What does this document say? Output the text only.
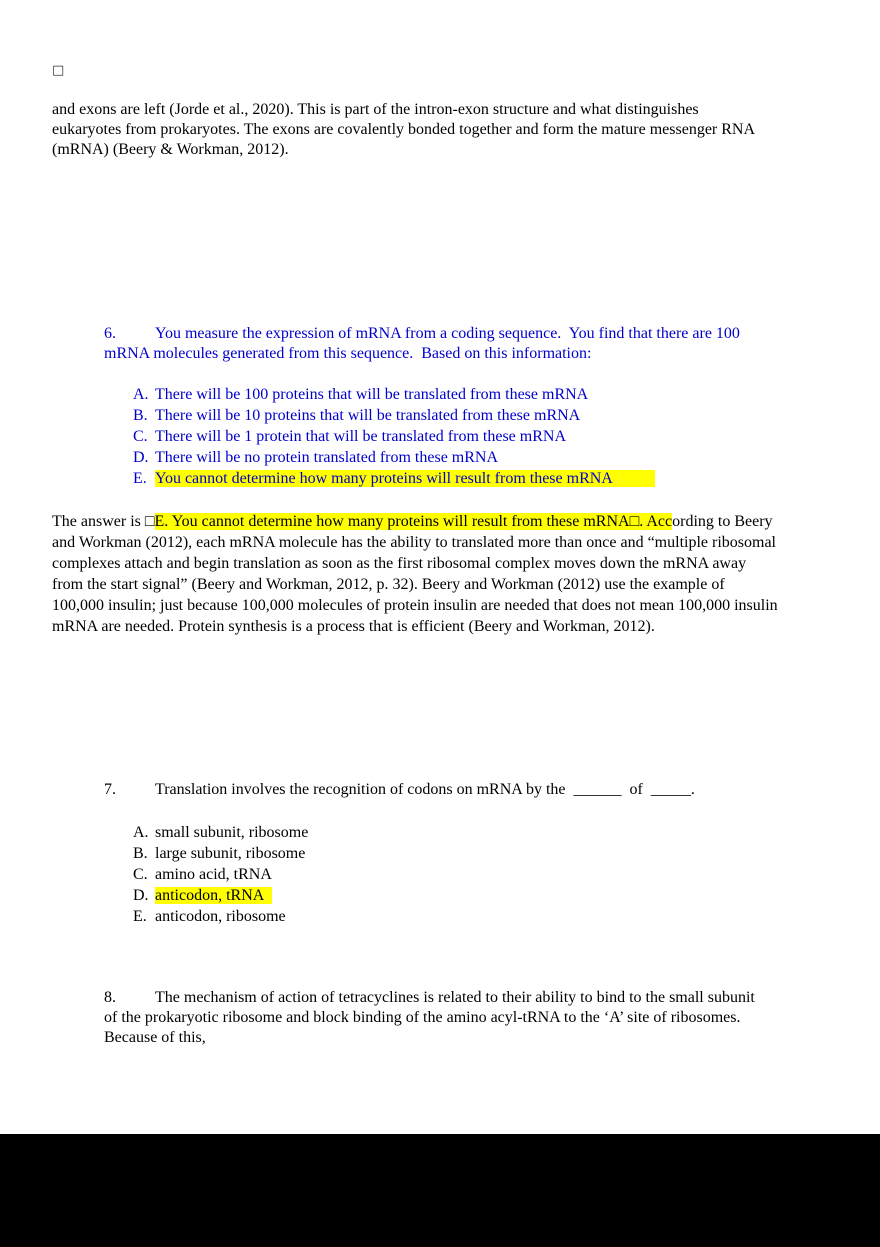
□

and exons are left (Jorde et al., 2020). This is part of the intron-exon structure and what distinguishes eukaryotes from prokaryotes. The exons are covalently bonded together and form the mature messenger RNA (mRNA) (Beery & Workman, 2012).

6. You measure the expression of mRNA from a coding sequence.  You find that there are 100 mRNA molecules generated from this sequence.  Based on this information:

A. There will be 100 proteins that will be translated from these mRNA
B. There will be 10 proteins that will be translated from these mRNA
C. There will be 1 protein that will be translated from these mRNA
D. There will be no protein translated from these mRNA
E. You cannot determine how many proteins will result from these mRNA

The answer is □E. You cannot determine how many proteins will result from these mRNA□. According to Beery and Workman (2012), each mRNA molecule has the ability to translated more than once and “multiple ribosomal complexes attach and begin translation as soon as the first ribosomal complex moves down the mRNA away from the start signal” (Beery and Workman, 2012, p. 32). Beery and Workman (2012) use the example of 100,000 insulin; just because 100,000 molecules of protein insulin are needed that does not mean 100,000 insulin mRNA are needed. Protein synthesis is a process that is efficient (Beery and Workman, 2012).

7. Translation involves the recognition of codons on mRNA by the  ______  of  _____.

A. small subunit, ribosome
B. large subunit, ribosome
C. amino acid, tRNA
D. anticodon, tRNA
E. anticodon, ribosome

8. The mechanism of action of tetracyclines is related to their ability to bind to the small subunit of the prokaryotic ribosome and block binding of the amino acyl-tRNA to the ‘A’ site of ribosomes. Because of this,
